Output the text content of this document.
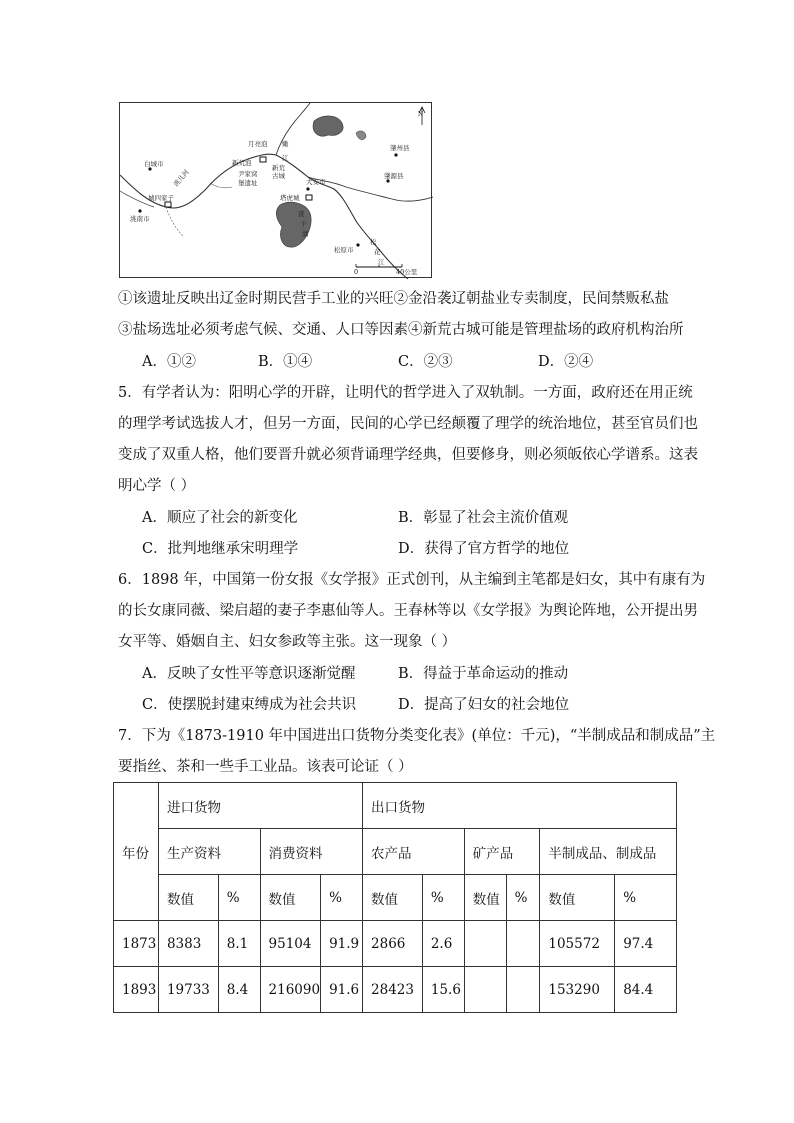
白城市
城四家子
洮南市
洮儿河
月亮泡
新荒泡
嫩
江
新荒
古城
尹家窝
堡遗址	大安市
塔虎城
肇州县
肇源县
查
干
湖
松原市
松
花
江
N
0	40公里
①该遗址反映出辽金时期民营手工业的兴旺②金沿袭辽朝盐业专卖制度，民间禁贩私盐
③盐场选址必须考虑气候、交通、人口等因素④新荒古城可能是管理盐场的政府机构治所
A．①②	B．①④	C．②③	D．②④
5．有学者认为：阳明心学的开辟，让明代的哲学进入了双轨制。一方面，政府还在用正统
的理学考试选拔人才，但另一方面，民间的心学已经颠覆了理学的统治地位，甚至官员们也
变成了双重人格，他们要晋升就必须背诵理学经典，但要修身，则必须皈依心学谱系。这表
明心学（ ）
A．顺应了社会的新变化	B．彰显了社会主流价值观
C．批判地继承宋明理学	D．获得了官方哲学的地位
6．1898 年，中国第一份女报《女学报》正式创刊，从主编到主笔都是妇女，其中有康有为
的长女康同薇、梁启超的妻子李惠仙等人。王春林等以《女学报》为舆论阵地，公开提出男
女平等、婚姻自主、妇女参政等主张。这一现象（ ）
A．反映了女性平等意识逐渐觉醒	B．得益于革命运动的推动
C．使摆脱封建束缚成为社会共识	D．提高了妇女的社会地位
7．下为《1873-1910 年中国进出口货物分类变化表》(单位：千元)，“半制成品和制成品”主
要指丝、茶和一些手工业品。该表可论证（ ）
年份	进口货物				出口货物					
	生产资料		消费资料		农产品		矿产品		半制成品、制成品	
	数值	%	数值	%	数值	%	数值	%	数值	%
1873	8383	8.1	95104	91.9	2866	2.6			105572	97.4
1893	19733	8.4	216090	91.6	28423	15.6			153290	84.4
